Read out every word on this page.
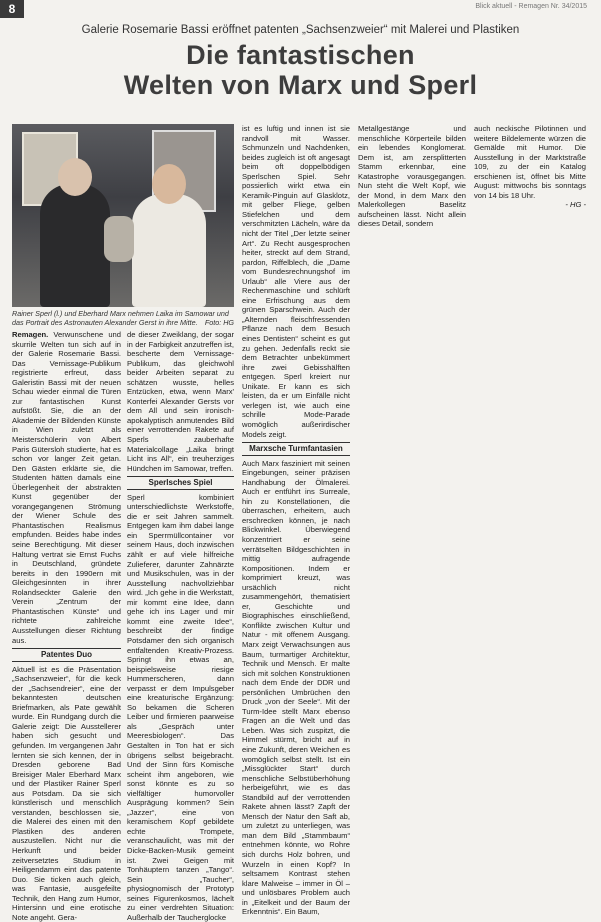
8	Blick aktuell - Remagen Nr. 34/2015
Galerie Rosemarie Bassi eröffnet patenten „Sachsenzweier“ mit Malerei und Plastiken
Die fantastischen
Welten von Marx und Sperl
Rainer Sperl (l.) und Eberhard Marx nehmen Laika im Samowar und das Portrait des Astronauten Alexander Gerst in ihre Mitte. Foto: HG

Remagen. Verwunschene und skurrile Welten tun sich auf in der Galerie Rosemarie Bassi. Das Vernissage-Publikum registrierte erfreut, dass Galeristin Bassi mit der neuen Schau wieder einmal die Türen zur fantastischen Kunst aufstößt. Sie, die an der Akademie der Bildenden Künste in Wien zuletzt als Meisterschülerin von Albert Paris Gütersloh studierte, hat es schon vor langer Zeit getan. Den Gästen erklärte sie, die Studenten hätten damals eine Überlegenheit der abstrakten Kunst gegenüber der vorangegangenen Strömung der Wiener Schule des Phantastischen Realismus empfunden. Beides habe indes seine Berechtigung. Mit dieser Haltung vertrat sie Ernst Fuchs in Deutschland, gründete bereits in den 1990ern mit Gleichgesinnten in ihrer Rolandseckter Galerie den Verein „Zentrum der Phantastischen Künste“ und richtete zahlreiche Ausstellungen dieser Richtung aus.

Patentes Duo

Aktuell ist es die Präsentation „Sachsenzweier“, für die keck der „Sachsendreier“, eine der bekanntesten deutschen Briefmarken, als Pate gewählt wurde. Ein Rundgang durch die Galerie zeigt: Die Ausstellerer haben sich gesucht und gefunden. Im vergangenen Jahr lernten sie sich kennen, der in Dresden geborene Bad Breisiger Maler Eberhard Marx und der Plastiker Rainer Sperl aus Potsdam. Da sie sich künstlerisch und menschlich verstanden, beschlossen sie, die Malerei des einen mit den Plastiken des anderen auszustellen. Nicht nur die Herkunft und beider zeitversetztes Studium in Heiligendamm eint das patente Duo. Sie ticken auch gleich, was Fantasie, ausgefeilte Technik, den Hang zum Humor, Hintersinn und eine erotische Note angeht. Gera-

de dieser Zweiklang, der sogar in der Farbigkeit anzutreffen ist, bescherte dem Vernissage-Publikum, das gleichwohl beider Arbeiten separat zu schätzen wusste, helles Entzücken, etwa, wenn Marx' Konterfei Alexander Gersts vor dem All und sein ironisch-apokalyptisch anmutendes Bild einer verrottenden Rakete auf Sperls zauberhafte Materialcollage „Laika bringt Licht ins All“, ein treuherziges Hündchen im Samowar, treffen.

Sperlsches Spiel

Sperl kombiniert unterschiedlichste Werkstoffe, die er seit Jahren sammelt. Entgegen kam ihm dabei lange ein Sperrmüllcontainer vor seinem Haus, doch inzwischen zählt er auf viele hilfreiche Zulieferer, darunter Zahnärzte und Musikschulen, was in der Ausstellung nachvollziehbar wird. „Ich gehe in die Werkstatt, mir kommt eine Idee, dann gehe ich ins Lager und mir kommt eine zweite Idee“, beschreibt der findige Potsdamer den sich organisch entfaltenden Kreativ-Prozess. Springt ihn etwas an, beispielsweise riesige Hummerscheren, dann verpasst er dem Impulsgeber eine kreaturische Ergänzung: So bekamen die Scheren Leiber und firmieren paarweise als „Gespräch unter Meeresbiologen“. Das Gestalten in Ton hat er sich übrigens selbst beigebracht. Und der Sinn fürs Komische scheint ihm angeboren, wie sonst könnte es zu so vielfältiger humorvoller Ausprägung kommen? Sein „Jazzer“, eine von keramischem Kopf gebildete echte Trompete, veranschaulicht, was mit der Dicke-Backen-Musik gemeint ist. Zwei Geigen mit Tonhäuptern tanzen „Tango“. Sein „Taucher“, physiognomisch der Prototyp seines Figurenkosmos, lächelt zu einer verdrehten Situation: Außerhalb der Taucherglocke

ist es luftig und innen ist sie randvoll mit Wasser. Schmunzeln und Nachdenken, beides zugleich ist oft angesagt beim oft doppelbödigen Sperlschen Spiel. Sehr possierlich wirkt etwa ein Keramik-Pinguin auf Glasklotz, mit gelber Fliege, gelben Stiefelchen und dem verschmitzten Lächeln, wäre da nicht der Titel „Der letzte seiner Art“. Zu Recht ausgesprochen heiter, streckt auf dem Strand, pardon, Riffelblech, die „Dame vom Bundesrechnungshof im Urlaub“ alle Viere aus der Rechenmaschine und schlürft eine Erfrischung aus dem grünen Sparschwein. Auch der „Alternden fleischfressenden Pflanze nach dem Besuch eines Dentisten“ scheint es gut zu gehen. Jedenfalls reckt sie dem Betrachter unbekümmert ihre zwei Gebisshälften entgegen. Sperl kreiert nur Unikate. Er kann es sich leisten, da er um Einfälle nicht verlegen ist, wie auch eine schrille Mode-Parade womöglich außerirdischer Models zeigt.

Marxsche Turmfantasien

Auch Marx fasziniert mit seinen Eingebungen, seiner präzisen Handhabung der Ölmalerei. Auch er entführt ins Surreale, hin zu Konstellationen, die überraschen, erheitern, auch erschrecken können, je nach Blickwinkel. Überwiegend konzentriert er seine verrätselten Bildgeschichten in mittig aufragende Kompositionen. Indem er komprimiert kreuzt, was ursächlich nicht zusammengehört, thematisiert er, Geschichte und Biographisches einschließend, Konflikte zwischen Kultur und Natur - mit offenem Ausgang. Marx zeigt Verwachsungen aus Baum, turmartiger Architektur, Technik und Mensch. Er malte sich mit solchen Konstruktionen nach dem Ende der DDR und persönlichen Umbrüchen den Druck „von der Seele“. Mit der Turm-Idee stellt Marx ebenso Fragen an die Welt und das Leben. Was sich zuspitzt, die Himmel stürmt, bricht auf in eine Zukunft, deren Weichen es womöglich selbst stellt. Ist ein „Missglückter Start“ durch menschliche Selbstüberhöhung herbeigeführt, wie es das Standbild auf der verrottenden Rakete ahnen lässt? Zapft der Mensch der Natur den Saft ab, um zuletzt zu unterliegen, was man dem Bild „Stammbaum“ entnehmen könnte, wo Rohre sich durchs Holz bohren, und Wurzeln in einen Kopf? In seltsamem Kontrast stehen klare Malweise – immer in Öl – und unlösbares Problem auch in „Eitelkeit und der Baum der Erkenntnis“. Ein Baum,

Metallgestänge und menschliche Körperteile bilden ein lebendes Konglomerat. Dem ist, am zersplitterten Stamm erkennbar, eine Katastrophe vorausgegangen. Nun steht die Welt Kopf, wie der Mond, in dem Marx den Malerkollegen Baselitz aufscheinen lässt. Nicht allein dieses Detail, sondern

auch neckische Pilotinnen und weitere Bildelemente würzen die Gemälde mit Humor. Die Ausstellung in der Marktstraße 109, zu der ein Katalog erschienen ist, öffnet bis Mitte August: mittwochs bis sonntags von 14 bis 18 Uhr.

- HG -
